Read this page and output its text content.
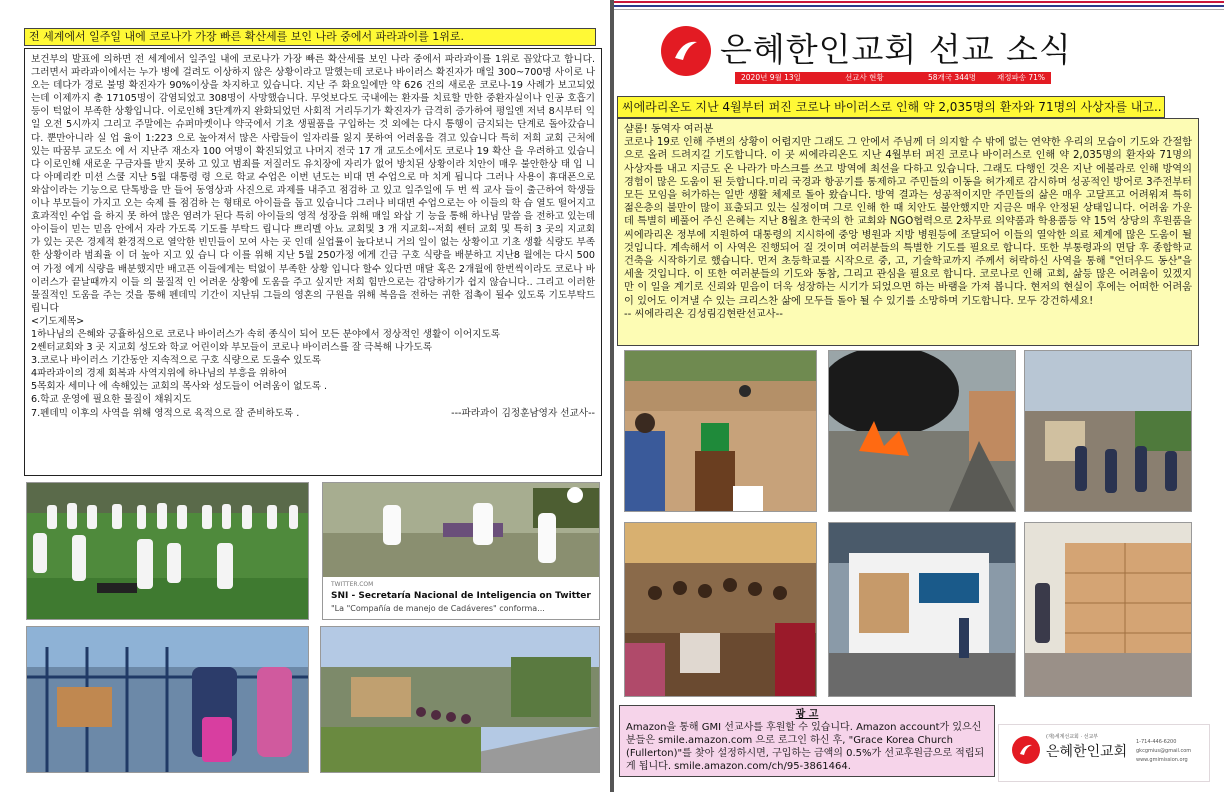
전 세계에서 일주일 내에 코로나가 가장 빠른 확산세를 보인 나라 중에서 파라과이를 1위로.

보건부의 발표에 의하면 전 세계에서 일주일 내에 코로나가 가장 빠른 확산세를 보인 나라 중에서 파라과이를 1위로 꼽았다고 합니다. 그러면서 파라과이에서는 누가 병에 걸려도 이상하지 않은 상황이라고 말했는데 코로나 바이러스 확진자가 매일 300~700명 사이로 나오는 데다가 경로 불명 확진자가 90%이상을 차지하고 있습니다. 지난 주 화요일에만 약 626 건의 새로운 코로나-19 사례가 보고되었는데 이제까지 총 17105명이 감염되었고 308명이 사망했습니다. 무엇보다도 국내에는 환자를 치료할 만한 중환자실이나 인공 호흡기 등이 턱없이 부족한 상황입니다. 이로인해 3단계까지 완화되었던 사회적 거리두기가 확진자가 급격히 증가하여 평일엔 저녁 8시부터 익일 오전 5시까지 그리고 주말에는 슈퍼마켓이나 약국에서 기초 생필품을 구입하는 것 외에는 다시 통행이 금지되는 단계로 돌아갔습니다. 뿐만아니라 실 업 율이 1:223 으로 높아져서 많은 사람들이 일자리를 잃지 못하여 어려움을 겪고 있습니다 특히 저희 교회 근처에 있는 따꿈부 교도소 에 서 지난주 재소자 100 여명이 확진되었고 나머지 전국 17 개 교도소에서도 코로나 19 확산 을 우려하고 있습니다 이로인해 새로운 구금자를 받지 못하 고 있고 범죄를 저질러도 유치장에 자리가 없어 방치된 상황이라 치안이 매우 불안한상 태 입 니다 아메리칸 미션 스쿨 지난 5월 대통령 령 으로 학교 수업은 이번 년도는 비대 면 수업으로 마 치게 됩니다 그러나 사용이 휴대폰으로 와삽이라는 기능으로 단톡방을 만 들어 동영상과 사진으로 과제를 내주고 점검하 고 있고 일주일에 두 번 씩 교사 들이 출근하여 학생들 이나 부모들이 가지고 오는 숙제 를 점검하 는 형태로 아이들을 돕고 있습니다 그러나 비대면 수업으로는 아 이들의 학 습 열도 떨어지고 효과적인 수업 을 하지 못 하여 많은 염려가 된다 특히 아이들의 영적 성장을 위해 매일 와삽 기 능을 통해 하나님 말씀 을 전하고 있는데 아이들이 믿는 믿음 안에서 자라 가도록 기도를 부탁드 립니다 쁘리멜 아뇨 교회및 3 개 지교회--저희 쎈터 교회 및 특히 3 곳의 지교회 가 있는 곳은 경제적 환경적으로 열악한 빈민들이 모여 사는 곳 인데 실업률이 높다보니 거의 일이 없는 상황이고 기초 생활 식량도 부족한 상황이라 범죄율 이 더 높아 지고 있 습니 다 이를 위해 지난 5월 250가정 에게 긴급 구호 식량을 배분하고 지난8 월에는 다시 500 여 가정 에게 식량을 배분했지만 배고픈 이들에게는 턱없이 부족한 상황 입니다 할수 있다면 매달 혹은 2개월에 한번씩이라도 코로나 바이러스가 끝날때까지 이들 의 물질적 인 어려운 상황에 도움을 주고 싶지만 저희 힘만으로는 감당하기가 쉽지 않습니다.. 그리고 이러한 물질적인 도움을 주는 것을 통해 펜데믹 기간이 지난뒤 그들의 영혼의 구원을 위해 복음을 전하는 귀한 접촉이 될수 있도록 기도부탁드립니다

<기도제목>

1하나님의 은혜와 긍휼하심으로 코로나 바이러스가 속히 종식이 되어 모든 분야에서 정상적인 생활이 이어지도록

2쎈터교회와 3 곳 지교회 성도와 학교 어린이와 부모들이 코로나 바이러스를 잘 극복해 나가도록

3.코로나 바이러스 기간동안 지속적으로 구호 식량으로 도울수 있도록

4파라과이의 경제 회복과 사역지위에 하나님의 부흥을 위하여

5목회자 세미나 에 속해있는 교회의 목사와 성도들이 어려움이 없도록 .

6.학교 운영에 필요한 물질이 채워지도

7.펜데믹 이후의 사역을 위해 영적으로 육적으로 잘 준비하도록 .	---파라과이 김정훈남영자 선교사--

TWITTER.COM
SNI - Secretaría Nacional de Inteligencia on Twitter
"La "Compañía de manejo de Cadáveres" conforma...
은혜한인교회 선교 소식
2020년 9월 13일	선교사 현황	58개국 344명	재정파송 71%
씨에라리온도 지난 4월부터 퍼진 코로나 바이러스로 인해 약 2,035명의 환자와 71명의 사상자를 내고..

샬롬! 동역자 여러분

코로나 19로 인해 주변의 상황이 어렵지만 그래도 그 안에서 주님께 더 의지할 수 밖에 없는 연약한 우리의 모습이 기도와 간절함으로 올려 드려지길 기도합니다. 이 곳 씨에라리온도 지난 4월부터 퍼진 코로나 바이러스로 인해 약 2,035명의 환자와 71명의 사상자를 내고 지금도 온 나라가 마스크를 쓰고 방역에 최선을 다하고 있습니다. 그래도 다행인 것은 지난 에볼라로 인해 방역의 경험이 많은 도움이 된 듯합니다.미리 국경과 항공기를 통제하고 주민들의 이동을 허가제로 감시하며 성공적인 방어로 3주전부터 모든 모임을 허가하는 일반 생활 체제로 돌아 왔습니다. 방역 결과는 성공적이지만 주민들의 삶은 매우 고달프고 어려워져 특히 젊은층의 불만이 많이 표출되고 있는 실정이며 그로 인해 한 때 치안도 불안했지만 지금은 매우 안정된 상태입니다. 어려움 가운데 특별히 베풀어 주신 은혜는 지난 8월초 한국의 한 교회와 NGO협력으로 2차무료 의약품과 학용품등 약 15억 상당의 후원품을 씨에라리온 정부에 지원하여 대통령의 지시하에 중앙 병원과 지방 병원등에 조달되어 이들의 열악한 의료 체계에 많은 도움이 될 것입니다. 계속해서 이 사역은 진행되어 질 것이며 여러분들의 특별한 기도를 필요로 합니다. 또한 부통령과의 면담 후 종합학교 건축을 시작하기로 했습니다. 먼저 초등학교를 시작으로 중, 고, 기술학교까지 주께서 허락하신 사역을 통해 "언더우드 동산"을 세울 것입니다. 이 또한 여러분들의 기도와 동참, 그리고 관심을 필요로 합니다. 코로나로 인해 교회, 삶등 많은 어려움이 있겠지만 이 일을 계기로 신뢰와 믿음이 더욱 성장하는 시기가 되었으면 하는 바램을 가져 봅니다. 현저의 현실이 후에는 어떠한 어려움이 있어도 이겨낼 수 있는 크리스찬 삶에 모두들 돌아 될 수 있기를 소망하며 기도합니다. 모두 강건하세요!

-- 씨에라리온 김성림김현란선교사--

광 고
Amazon을 통해 GMI 선교사를 후원할 수 있습니다. Amazon account가 있으신 분들은 smile.amazon.com 으로 로그인 하신 후, "Grace Korea Church (Fullerton)"를 찾아 설정하시면, 구입하는 금액의 0.5%가 선교후원금으로 적립되게 됩니다. smile.amazon.com/ch/95-3861464.
(재)세계선교회 · 선교부
은혜한인교회
1-714-446-6200
gkcgmius@gmail.com
www.gmimission.org
